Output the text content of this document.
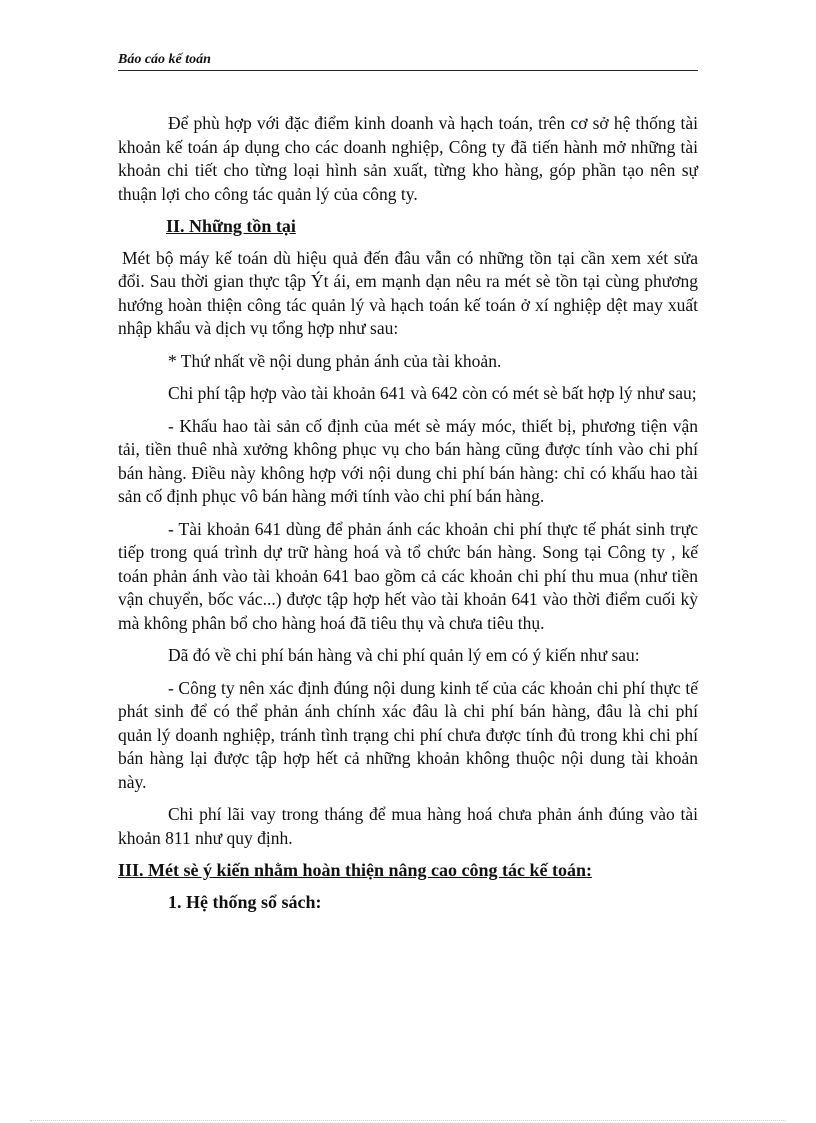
Báo cáo kế toán

Để phù hợp với đặc điểm kinh doanh và hạch toán, trên cơ sở hệ thống tài khoản kế toán áp dụng cho các doanh nghiệp, Công ty đã tiến hành mở những tài khoản chi tiết cho từng loại hình sản xuất, từng kho hàng, góp phần tạo nên sự thuận lợi cho công tác quản lý của công ty.

II. Những tồn tại

Mét bộ máy kế toán dù hiệu quả đến đâu vẫn có những tồn tại cần xem xét sửa đổi. Sau thời gian thực tập Ýt ái, em mạnh dạn nêu ra mét sè tồn tại cùng phương hướng hoàn thiện công tác quản lý và hạch toán kế toán ở xí nghiệp dệt may xuất nhập khẩu và dịch vụ tổng hợp như sau:

* Thứ nhất về nội dung phản ánh của tài khoản.

Chi phí tập hợp vào tài khoản 641 và 642 còn có mét sè bất hợp lý như sau;

- Khấu hao tài sản cố định của mét sè máy móc, thiết bị, phương tiện vận tải, tiền thuê nhà xưởng không phục vụ cho bán hàng cũng được tính vào chi phí bán hàng. Điều này không hợp với nội dung chi phí bán hàng: chỉ có khấu hao tài sản cố định phục vô bán hàng mới tính vào chi phí bán hàng.

- Tài khoản 641 dùng để phản ánh các khoản chi phí thực tế phát sinh trực tiếp trong quá trình dự trữ hàng hoá và tổ chức bán hàng. Song tại Công ty , kế toán phản ánh vào tài khoản 641 bao gồm cả các khoản chi phí thu mua (như tiền vận chuyển, bốc vác...) được tập hợp hết vào tài khoản 641 vào thời điểm cuối kỳ mà không phân bổ cho hàng hoá đã tiêu thụ và chưa tiêu thụ.

Dã đó về chi phí bán hàng và chi phí quản lý em có ý kiến như sau:

- Công ty nên xác định đúng nội dung kinh tế của các khoản chi phí thực tế phát sinh để có thể phản ánh chính xác đâu là chi phí bán hàng, đâu là chi phí quản lý doanh nghiệp, tránh tình trạng chi phí chưa được tính đủ trong khi chi phí bán hàng lại được tập hợp hết cả những khoản không thuộc nội dung tài khoản này.

Chi phí lãi vay trong tháng để mua hàng hoá chưa phản ánh đúng vào tài khoản 811 như quy định.

III. Mét sè ý kiến nhằm hoàn thiện nâng cao công tác kế toán:
1. Hệ thống sổ sách:
